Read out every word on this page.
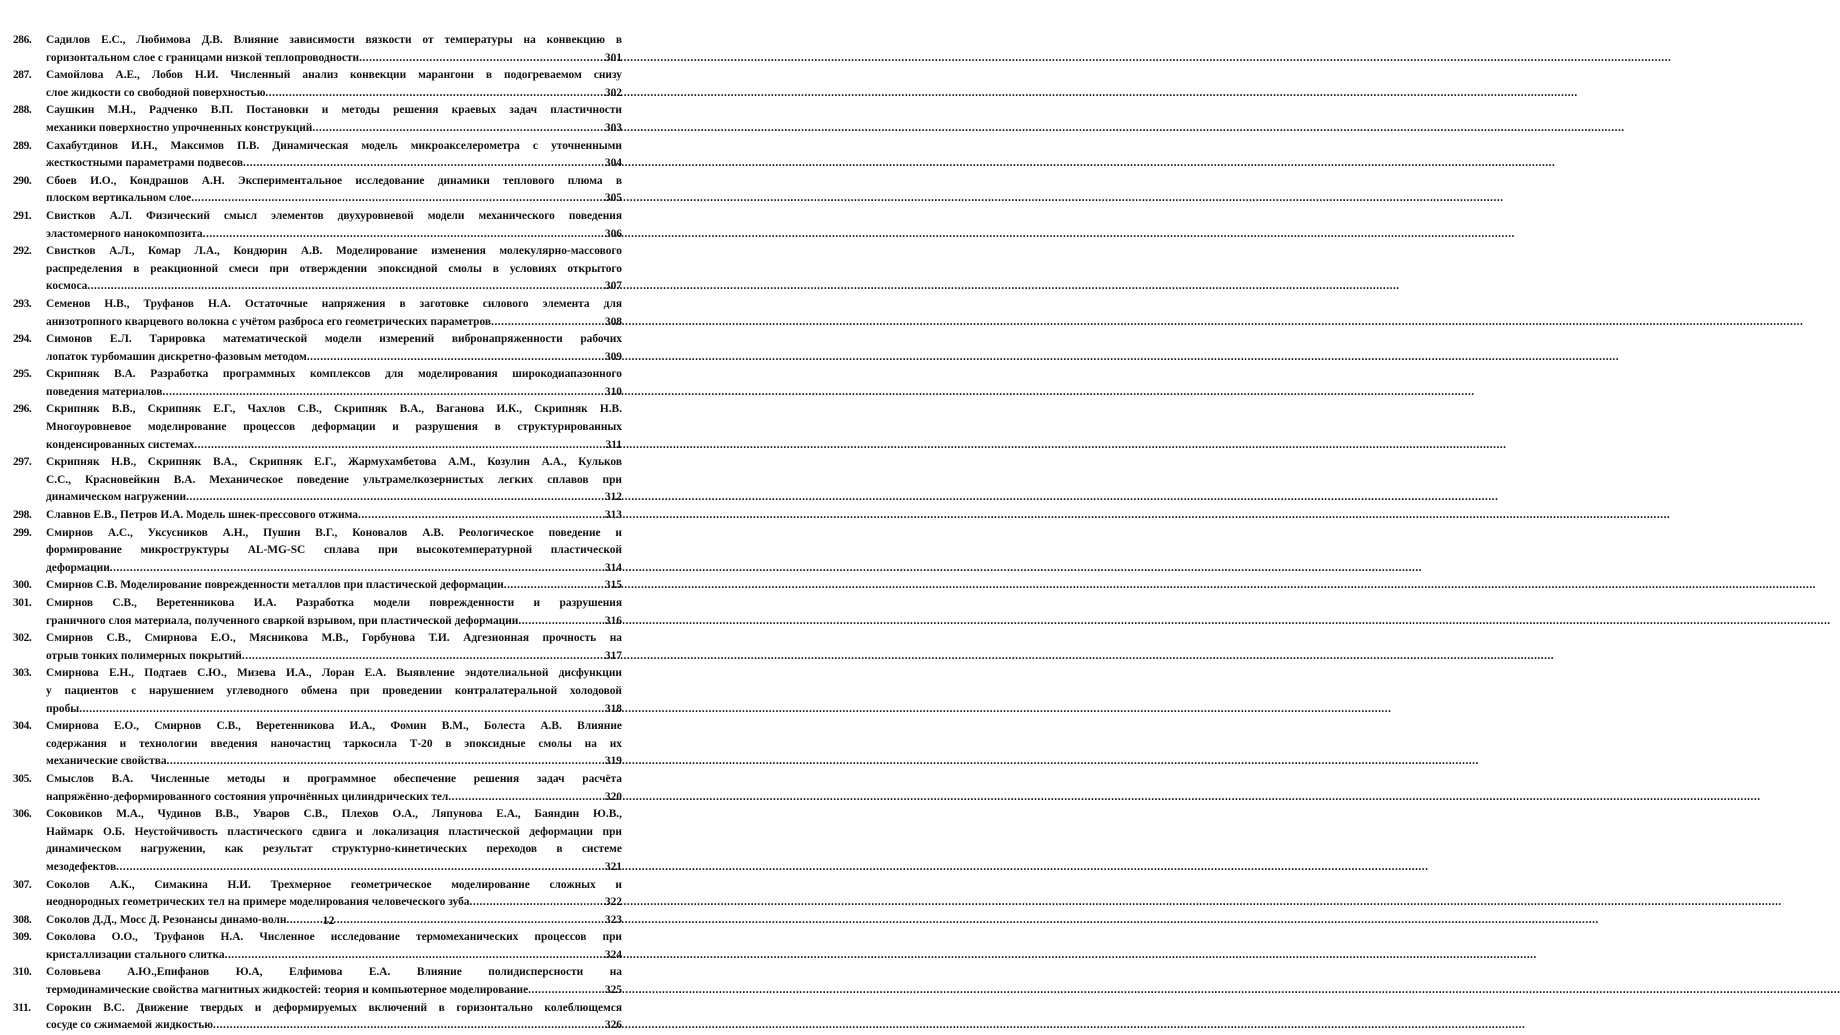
286. Садилов Е.С., Любимова Д.В. Влияние зависимости вязкости от температуры на конвекцию в
горизонтальном слое с границами низкой теплопроводности .....	301
287. Самойлова А.Е., Лобов Н.И. Численный анализ конвекции марангони в подогреваемом снизу
слое жидкости со свободной поверхностью .....	302
288. Саушкин М.Н., Радченко В.П. Постановки и методы решения краевых задач пластичности
механики поверхностно упрочненных конструкций .....	303
289. Сахабутдинов И.Н., Максимов П.В. Динамическая модель микроакселерометра с уточненными
жесткостными параметрами подвесов .....	304
290. Сбоев И.О., Кондрашов А.Н. Экспериментальное исследование динамики теплового плюма в
плоском вертикальном слое .....	305
291. Свистков А.Л. Физический смысл элементов двухуровневой модели механического поведения
эластомерного нанокомпозита .....	306
292. Свистков А.Л., Комар Л.А., Кондюрин А.В. Моделирование изменения молекулярно-массового
распределения в реакционной смеси при отверждении эпоксидной смолы в условиях открытого
космоса .....	307
293. Семенов Н.В., Труфанов Н.А. Остаточные напряжения в заготовке силового элемента для
анизотропного кварцевого волокна с учётом разброса его геометрических параметров .....	308
294. Симонов Е.Л. Тарировка математической модели измерений вибронапряженности рабочих
лопаток турбомашин дискретно-фазовым методом .....	309
295. Скрипняк В.А. Разработка программных комплексов для моделирования широкодиапазонного
поведения материалов .....	310
296. Скрипняк В.В., Скрипняк Е.Г., Чахлов С.В., Скрипняк В.А., Ваганова И.К., Скрипняк Н.В.
Многоуровневое моделирование процессов деформации и разрушения в структурированных
конденсированных системах .....	311
297. Скрипняк Н.В., Скрипняк В.А., Скрипняк Е.Г., Жармухамбетова А.М., Козулин А.А., Кульков
С.С., Красновейкин В.А. Механическое поведение ультрамелкозернистых легких сплавов при
динамическом нагружении .....	312
298. Славнов Е.В., Петров И.А. Модель шнек-прессового отжима .....	313
299. Смирнов А.С., Уксусников А.Н., Пушин В.Г., Коновалов А.В. Реологическое поведение и
формирование микроструктуры AL-MG-SC сплава при высокотемпературной пластической
деформации .....	314
300. Смирнов С.В. Моделирование поврежденности металлов при пластической деформации .....	315
301. Смирнов С.В., Веретенникова И.А. Разработка модели поврежденности и разрушения
граничного слоя материала, полученного сваркой взрывом, при пластической деформации .....	316
302. Смирнов С.В., Смирнова Е.О., Мясникова М.В., Горбунова Т.И. Адгезионная прочность на
отрыв тонких полимерных покрытий .....	317
303. Смирнова Е.Н., Подтаев С.Ю., Мизева И.А., Лоран Е.А. Выявление эндотелиальной дисфункции
у пациентов с нарушением углеводного обмена при проведении контралатеральной холодовой
пробы .....	318
304. Смирнова Е.О., Смирнов С.В., Веретенникова И.А., Фомин В.М., Болеста А.В. Влияние
содержания и технологии введения наночастиц таркосила Т-20 в эпоксидные смолы на их
механические свойства .....	319
305. Смыслов В.А. Численные методы и программное обеспечение решения задач расчёта
напряжённо-деформированного состояния упрочнённых цилиндрических тел .....	320
306. Соковиков М.А., Чудинов В.В., Уваров С.В., Плехов О.А., Ляпунова Е.А., Баяндин Ю.В.,
Наймарк О.Б. Неустойчивость пластического сдвига и локализация пластической деформации при
динамическом нагружении, как результат структурно-кинетических переходов в системе
мезодефектов .....	321
307. Соколов А.К., Симакина Н.И. Трехмерное геометрическое моделирование сложных и
неоднородных геометрических тел на примере моделирования человеческого зуба .....	322
308. Соколов Д.Д., Мосс Д. Резонансы динамо-волн .....	323
309. Соколова О.О., Труфанов Н.А. Численное исследование термомеханических процессов при
кристаллизации стального слитка .....	324
310. Соловьева А.Ю.,Епифанов Ю.А, Елфимова Е.А. Влияние полидисперсности на
термодинамические свойства магнитных жидкостей: теория и компьютерное моделирование .....	325
311. Сорокин В.С. Движение твердых и деформируемых включений в горизонтально колеблющемся
сосуде со сжимаемой жидкостью .....	326
12
